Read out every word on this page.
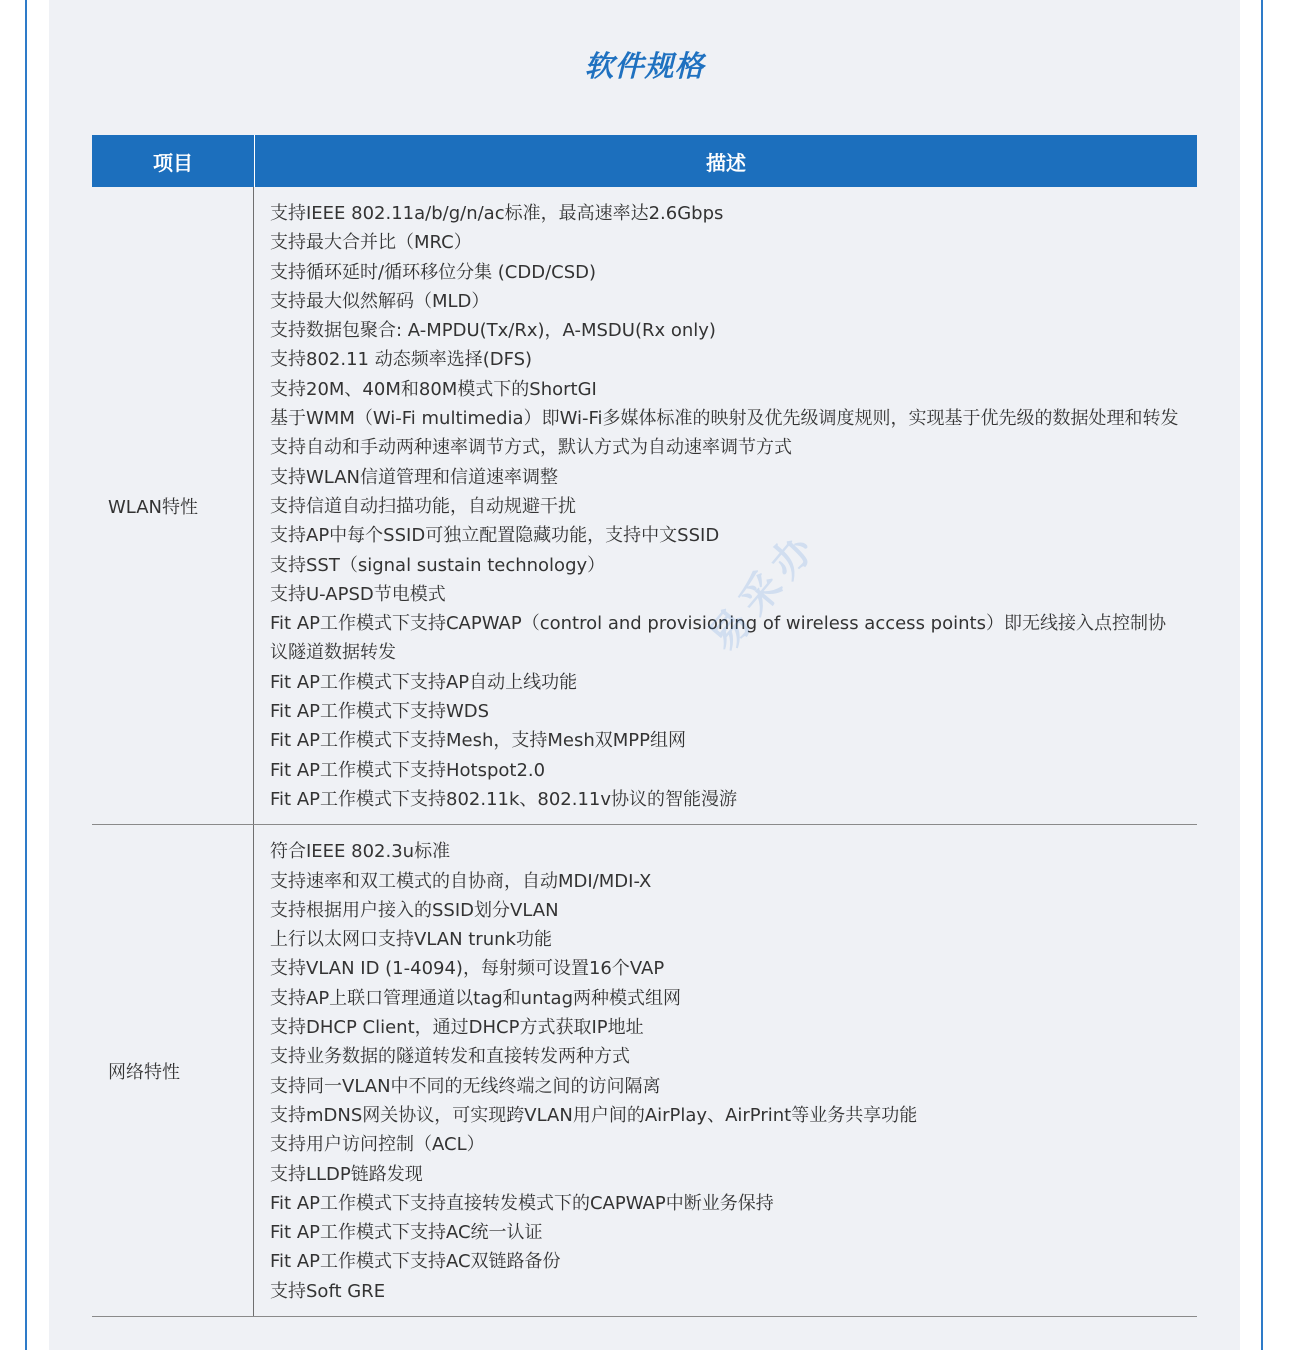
软件规格
项目	描述
WLAN特性
支持IEEE 802.11a/b/g/n/ac标准，最高速率达2.6Gbps
支持最大合并比（MRC）
支持循环延时/循环移位分集 (CDD/CSD)
支持最大似然解码（MLD）
支持数据包聚合: A-MPDU(Tx/Rx)，A-MSDU(Rx only)
支持802.11 动态频率选择(DFS)
支持20M、40M和80M模式下的ShortGI
基于WMM（Wi-Fi multimedia）即Wi-Fi多媒体标准的映射及优先级调度规则，实现基于优先级的数据处理和转发
支持自动和手动两种速率调节方式，默认方式为自动速率调节方式
支持WLAN信道管理和信道速率调整
支持信道自动扫描功能，自动规避干扰
支持AP中每个SSID可独立配置隐藏功能，支持中文SSID
支持SST（signal sustain technology）
支持U-APSD节电模式
Fit AP工作模式下支持CAPWAP（control and provisioning of wireless access points）即无线接入点控制协议隧道数据转发
Fit AP工作模式下支持AP自动上线功能
Fit AP工作模式下支持WDS
Fit AP工作模式下支持Mesh，支持Mesh双MPP组网
Fit AP工作模式下支持Hotspot2.0
Fit AP工作模式下支持802.11k、802.11v协议的智能漫游
网络特性
符合IEEE 802.3u标准
支持速率和双工模式的自协商，自动MDI/MDI-X
支持根据用户接入的SSID划分VLAN
上行以太网口支持VLAN trunk功能
支持VLAN ID (1-4094)，每射频可设置16个VAP
支持AP上联口管理通道以tag和untag两种模式组网
支持DHCP Client，通过DHCP方式获取IP地址
支持业务数据的隧道转发和直接转发两种方式
支持同一VLAN中不同的无线终端之间的访问隔离
支持mDNS网关协议，可实现跨VLAN用户间的AirPlay、AirPrint等业务共享功能
支持用户访问控制（ACL）
支持LLDP链路发现
Fit AP工作模式下支持直接转发模式下的CAPWAP中断业务保持
Fit AP工作模式下支持AC统一认证
Fit AP工作模式下支持AC双链路备份
支持Soft GRE
易采办
